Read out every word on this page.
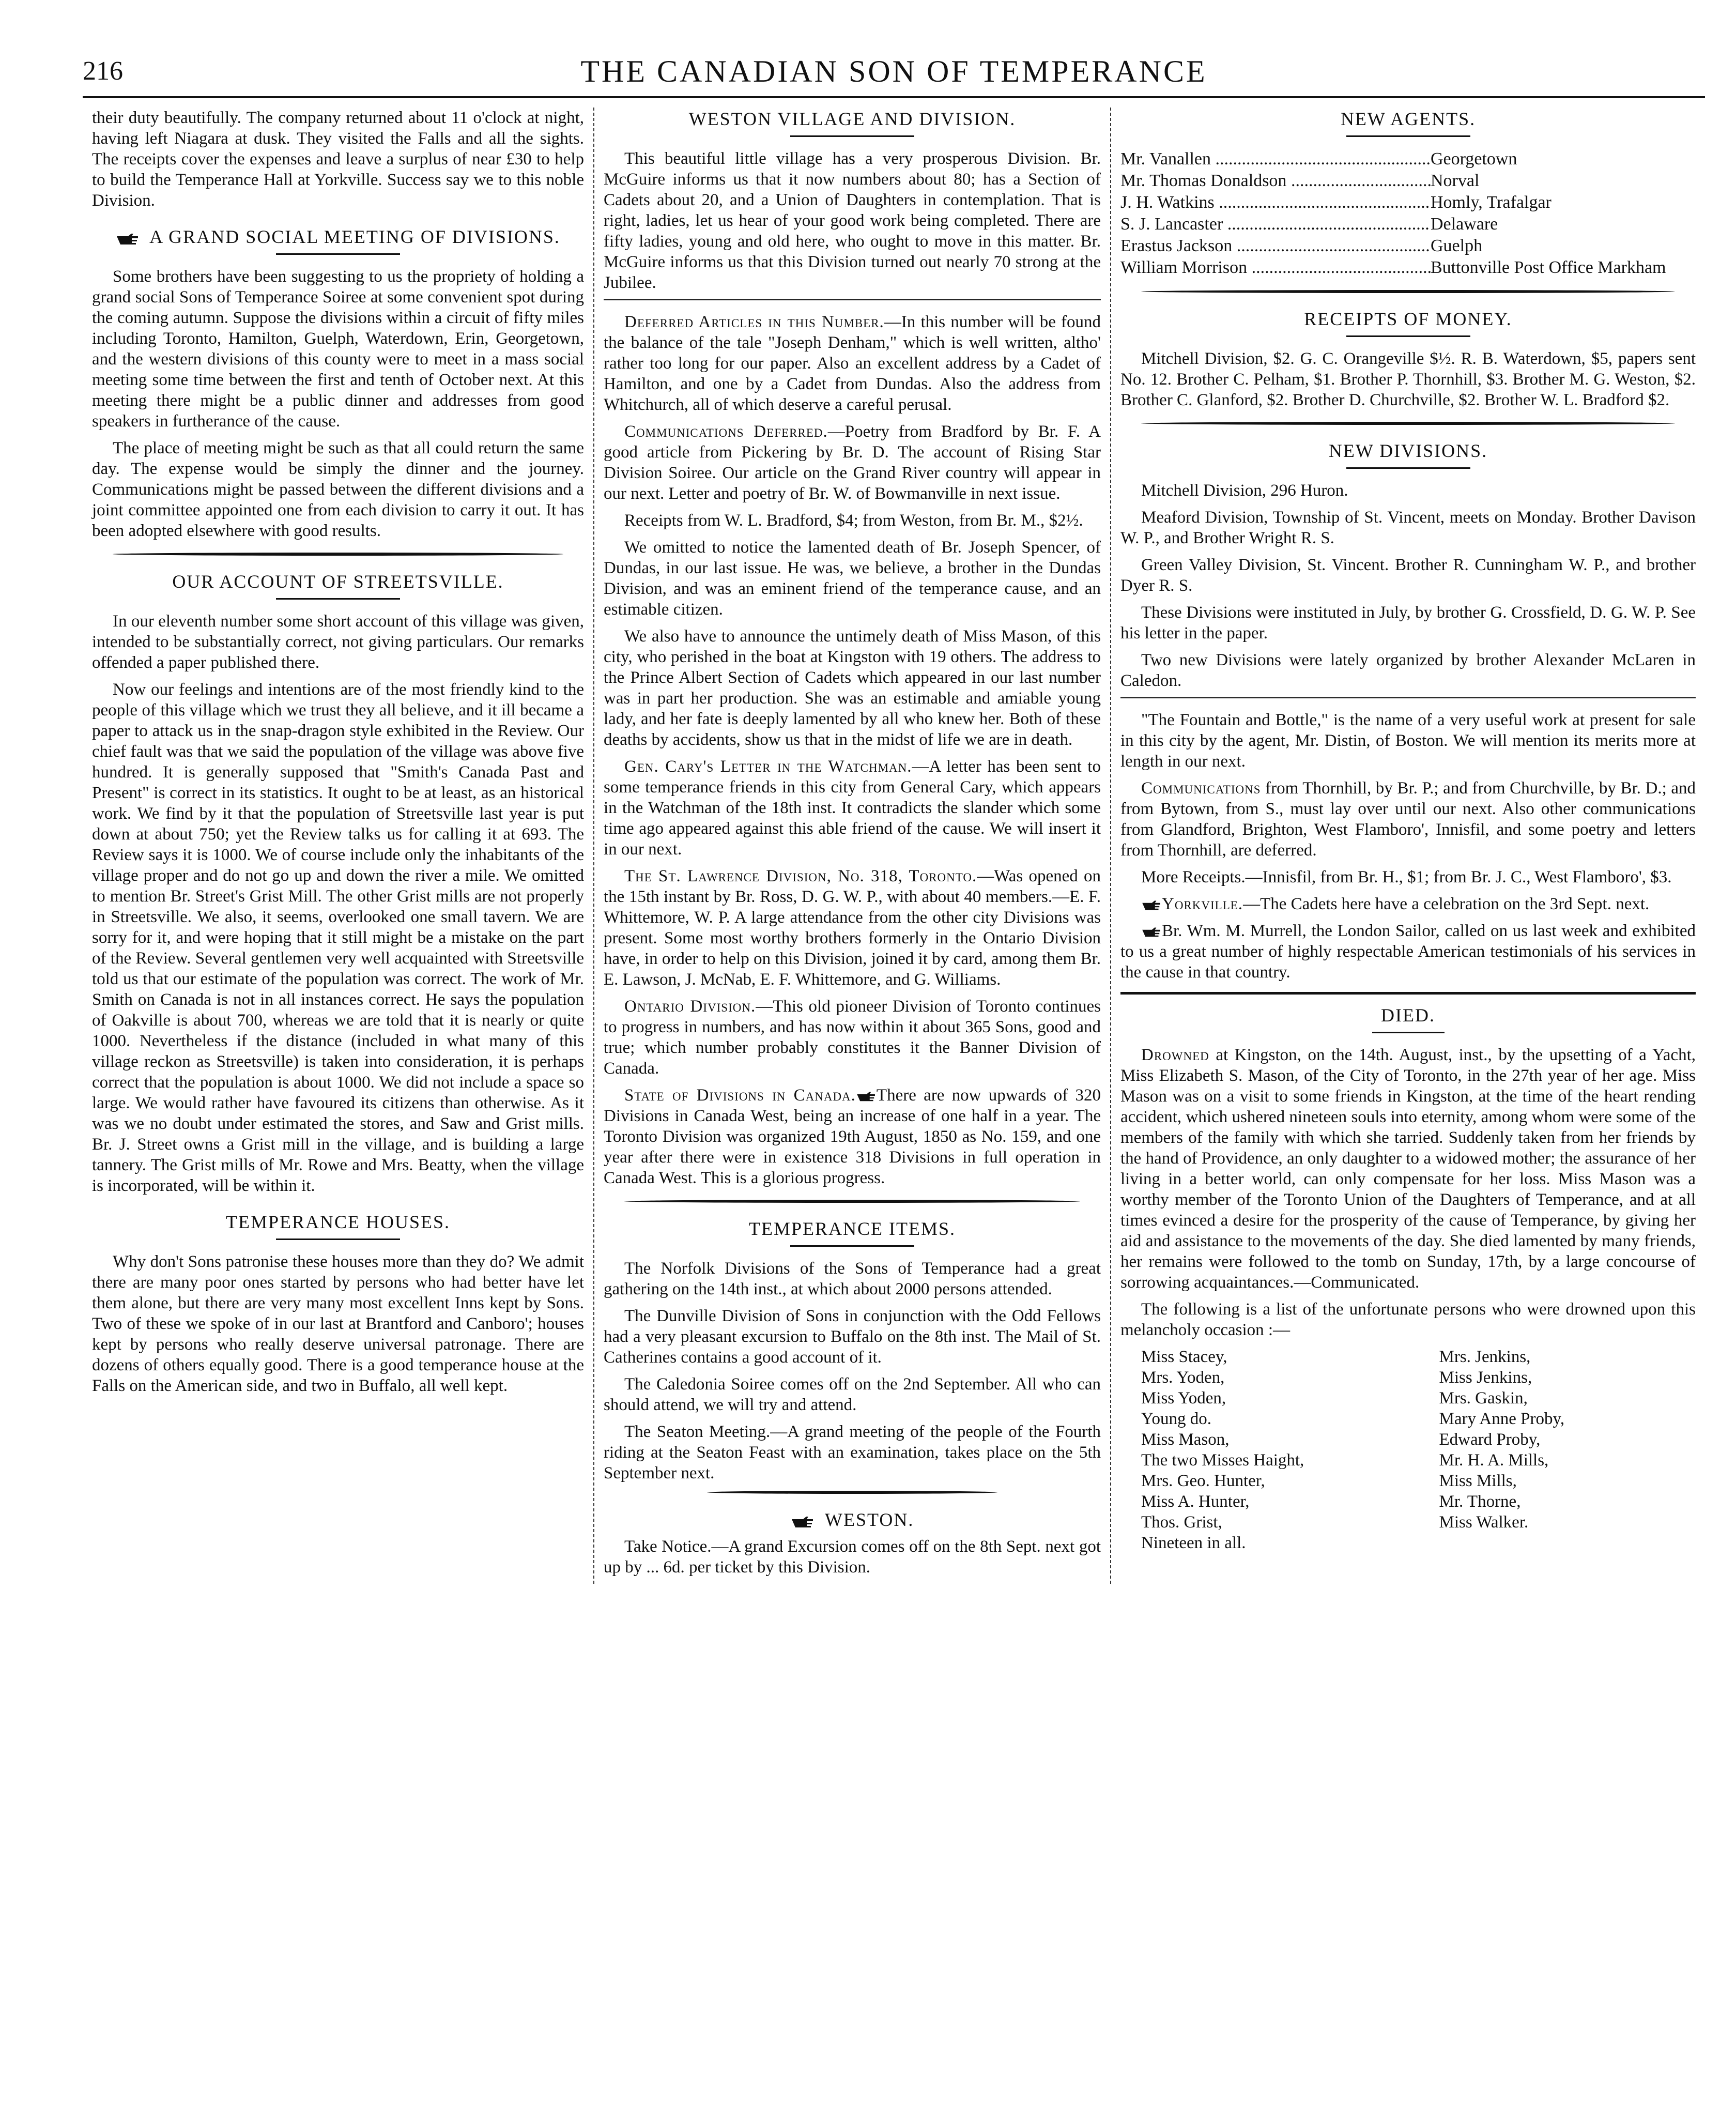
216	THE CANADIAN SON OF TEMPERANCE

their duty beautifully. The company returned about 11 o'clock at night, having left Niagara at dusk. They visited the Falls and all the sights. The receipts cover the expenses and leave a surplus of near £30 to help to build the Temperance Hall at Yorkville. Success say we to this noble Division.

A GRAND SOCIAL MEETING OF DIVISIONS.

Some brothers have been suggesting to us the propriety of holding a grand social Sons of Temperance Soiree at some convenient spot during the coming autumn. Suppose the divisions within a circuit of fifty miles including Toronto, Hamilton, Guelph, Waterdown, Erin, Georgetown, and the western divisions of this county were to meet in a mass social meeting some time between the first and tenth of October next. At this meeting there might be a public dinner and addresses from good speakers in furtherance of the cause.

The place of meeting might be such as that all could return the same day. The expense would be simply the dinner and the journey. Communications might be passed between the different divisions and a joint committee appointed one from each division to carry it out. It has been adopted elsewhere with good results.

OUR ACCOUNT OF STREETSVILLE.

In our eleventh number some short account of this village was given, intended to be substantially correct, not giving particulars. Our remarks offended a paper published there.

Now our feelings and intentions are of the most friendly kind to the people of this village which we trust they all believe, and it ill became a paper to attack us in the snap-dragon style exhibited in the Review. Our chief fault was that we said the population of the village was above five hundred. It is generally supposed that "Smith's Canada Past and Present" is correct in its statistics. It ought to be at least, as an historical work. We find by it that the population of Streetsville last year is put down at about 750; yet the Review talks us for calling it at 693. The Review says it is 1000. We of course include only the inhabitants of the village proper and do not go up and down the river a mile. We omitted to mention Br. Street's Grist Mill. The other Grist mills are not properly in Streetsville. We also, it seems, overlooked one small tavern. We are sorry for it, and were hoping that it still might be a mistake on the part of the Review. Several gentlemen very well acquainted with Streetsville told us that our estimate of the population was correct. The work of Mr. Smith on Canada is not in all instances correct. He says the population of Oakville is about 700, whereas we are told that it is nearly or quite 1000. Nevertheless if the distance (included in what many of this village reckon as Streetsville) is taken into consideration, it is perhaps correct that the population is about 1000. We did not include a space so large. We would rather have favoured its citizens than otherwise. As it was we no doubt under estimated the stores, and Saw and Grist mills. Br. J. Street owns a Grist mill in the village, and is building a large tannery. The Grist mills of Mr. Rowe and Mrs. Beatty, when the village is incorporated, will be within it.

TEMPERANCE HOUSES.

Why don't Sons patronise these houses more than they do? We admit there are many poor ones started by persons who had better have let them alone, but there are very many most excellent Inns kept by Sons. Two of these we spoke of in our last at Brantford and Canboro'; houses kept by persons who really deserve universal patronage. There are dozens of others equally good. There is a good temperance house at the Falls on the American side, and two in Buffalo, all well kept.

WESTON VILLAGE AND DIVISION.

This beautiful little village has a very prosperous Division. Br. McGuire informs us that it now numbers about 80; has a Section of Cadets about 20, and a Union of Daughters in contemplation. That is right, ladies, let us hear of your good work being completed. There are fifty ladies, young and old here, who ought to move in this matter. Br. McGuire informs us that this Division turned out nearly 70 strong at the Jubilee.

Deferred Articles in this Number.—In this number will be found the balance of the tale "Joseph Denham," which is well written, altho' rather too long for our paper. Also an excellent address by a Cadet of Hamilton, and one by a Cadet from Dundas. Also the address from Whitchurch, all of which deserve a careful perusal.

Communications Deferred.—Poetry from Bradford by Br. F. A good article from Pickering by Br. D. The account of Rising Star Division Soiree. Our article on the Grand River country will appear in our next. Letter and poetry of Br. W. of Bowmanville in next issue.

Receipts from W. L. Bradford, $4; from Weston, from Br. M., $2½.

We omitted to notice the lamented death of Br. Joseph Spencer, of Dundas, in our last issue. He was, we believe, a brother in the Dundas Division, and was an eminent friend of the temperance cause, and an estimable citizen.

We also have to announce the untimely death of Miss Mason, of this city, who perished in the boat at Kingston with 19 others. The address to the Prince Albert Section of Cadets which appeared in our last number was in part her production. She was an estimable and amiable young lady, and her fate is deeply lamented by all who knew her. Both of these deaths by accidents, show us that in the midst of life we are in death.

Gen. Cary's Letter in the Watchman.—A letter has been sent to some temperance friends in this city from General Cary, which appears in the Watchman of the 18th inst. It contradicts the slander which some time ago appeared against this able friend of the cause. We will insert it in our next.

The St. Lawrence Division, No. 318, Toronto.—Was opened on the 15th instant by Br. Ross, D. G. W. P., with about 40 members.—E. F. Whittemore, W. P. A large attendance from the other city Divisions was present. Some most worthy brothers formerly in the Ontario Division have, in order to help on this Division, joined it by card, among them Br. E. Lawson, J. McNab, E. F. Whittemore, and G. Williams.

Ontario Division.—This old pioneer Division of Toronto continues to progress in numbers, and has now within it about 365 Sons, good and true; which number probably constitutes it the Banner Division of Canada.

State of Divisions in Canada. There are now upwards of 320 Divisions in Canada West, being an increase of one half in a year. The Toronto Division was organized 19th August, 1850 as No. 159, and one year after there were in existence 318 Divisions in full operation in Canada West. This is a glorious progress.

TEMPERANCE ITEMS.

The Norfolk Divisions of the Sons of Temperance had a great gathering on the 14th inst., at which about 2000 persons attended.

The Dunville Division of Sons in conjunction with the Odd Fellows had a very pleasant excursion to Buffalo on the 8th inst. The Mail of St. Catherines contains a good account of it.

The Caledonia Soiree comes off on the 2nd September. All who can should attend, we will try and attend.

The Seaton Meeting.—A grand meeting of the people of the Fourth riding at the Seaton Feast with an examination, takes place on the 5th September next.

WESTON.

Take Notice.—A grand Excursion comes off on the 8th Sept. next got up by ... 6d. per ticket by this Division.

NEW AGENTS.
Mr. Vanallen .....	Georgetown
Mr. Thomas Donaldson .....	Norval
J. H. Watkins .....	Homly, Trafalgar
S. J. Lancaster .....	Delaware
Erastus Jackson .....	Guelph
William Morrison .....	Buttonville Post Office Markham
RECEIPTS OF MONEY.

Mitchell Division, $2. G. C. Orangeville $½. R. B. Waterdown, $5, papers sent No. 12. Brother C. Pelham, $1. Brother P. Thornhill, $3. Brother M. G. Weston, $2. Brother C. Glanford, $2. Brother D. Churchville, $2. Brother W. L. Bradford $2.

NEW DIVISIONS.

Mitchell Division, 296 Huron.

Meaford Division, Township of St. Vincent, meets on Monday. Brother Davison W. P., and Brother Wright R. S.

Green Valley Division, St. Vincent. Brother R. Cunningham W. P., and brother Dyer R. S.

These Divisions were instituted in July, by brother G. Crossfield, D. G. W. P. See his letter in the paper.

Two new Divisions were lately organized by brother Alexander McLaren in Caledon.

"The Fountain and Bottle," is the name of a very useful work at present for sale in this city by the agent, Mr. Distin, of Boston. We will mention its merits more at length in our next.

Communications from Thornhill, by Br. P.; and from Churchville, by Br. D.; and from Bytown, from S., must lay over until our next. Also other communications from Glandford, Brighton, West Flamboro', Innisfil, and some poetry and letters from Thornhill, are deferred.

More Receipts.—Innisfil, from Br. H., $1; from Br. J. C., West Flamboro', $3.

Yorkville.—The Cadets here have a celebration on the 3rd Sept. next.

Br. Wm. M. Murrell, the London Sailor, called on us last week and exhibited to us a great number of highly respectable American testimonials of his services in the cause in that country.

DIED.

Drowned at Kingston, on the 14th. August, inst., by the upsetting of a Yacht, Miss Elizabeth S. Mason, of the City of Toronto, in the 27th year of her age. Miss Mason was on a visit to some friends in Kingston, at the time of the heart rending accident, which ushered nineteen souls into eternity, among whom were some of the members of the family with which she tarried. Suddenly taken from her friends by the hand of Providence, an only daughter to a widowed mother; the assurance of her living in a better world, can only compensate for her loss. Miss Mason was a worthy member of the Toronto Union of the Daughters of Temperance, and at all times evinced a desire for the prosperity of the cause of Temperance, by giving her aid and assistance to the movements of the day. She died lamented by many friends, her remains were followed to the tomb on Sunday, 17th, by a large concourse of sorrowing acquaintances.—Communicated.

The following is a list of the unfortunate persons who were drowned upon this melancholy occasion :—

Miss Stacey,
Mrs. Yoden,
Miss Yoden,
Young do.
Miss Mason,
The two Misses Haight,
Mrs. Geo. Hunter,
Miss A. Hunter,
Thos. Grist,
Mrs. Jenkins,
Miss Jenkins,
Mrs. Gaskin,
Mary Anne Proby,
Edward Proby,
Mr. H. A. Mills,
Miss Mills,
Mr. Thorne,
Miss Walker.

Nineteen in all.
